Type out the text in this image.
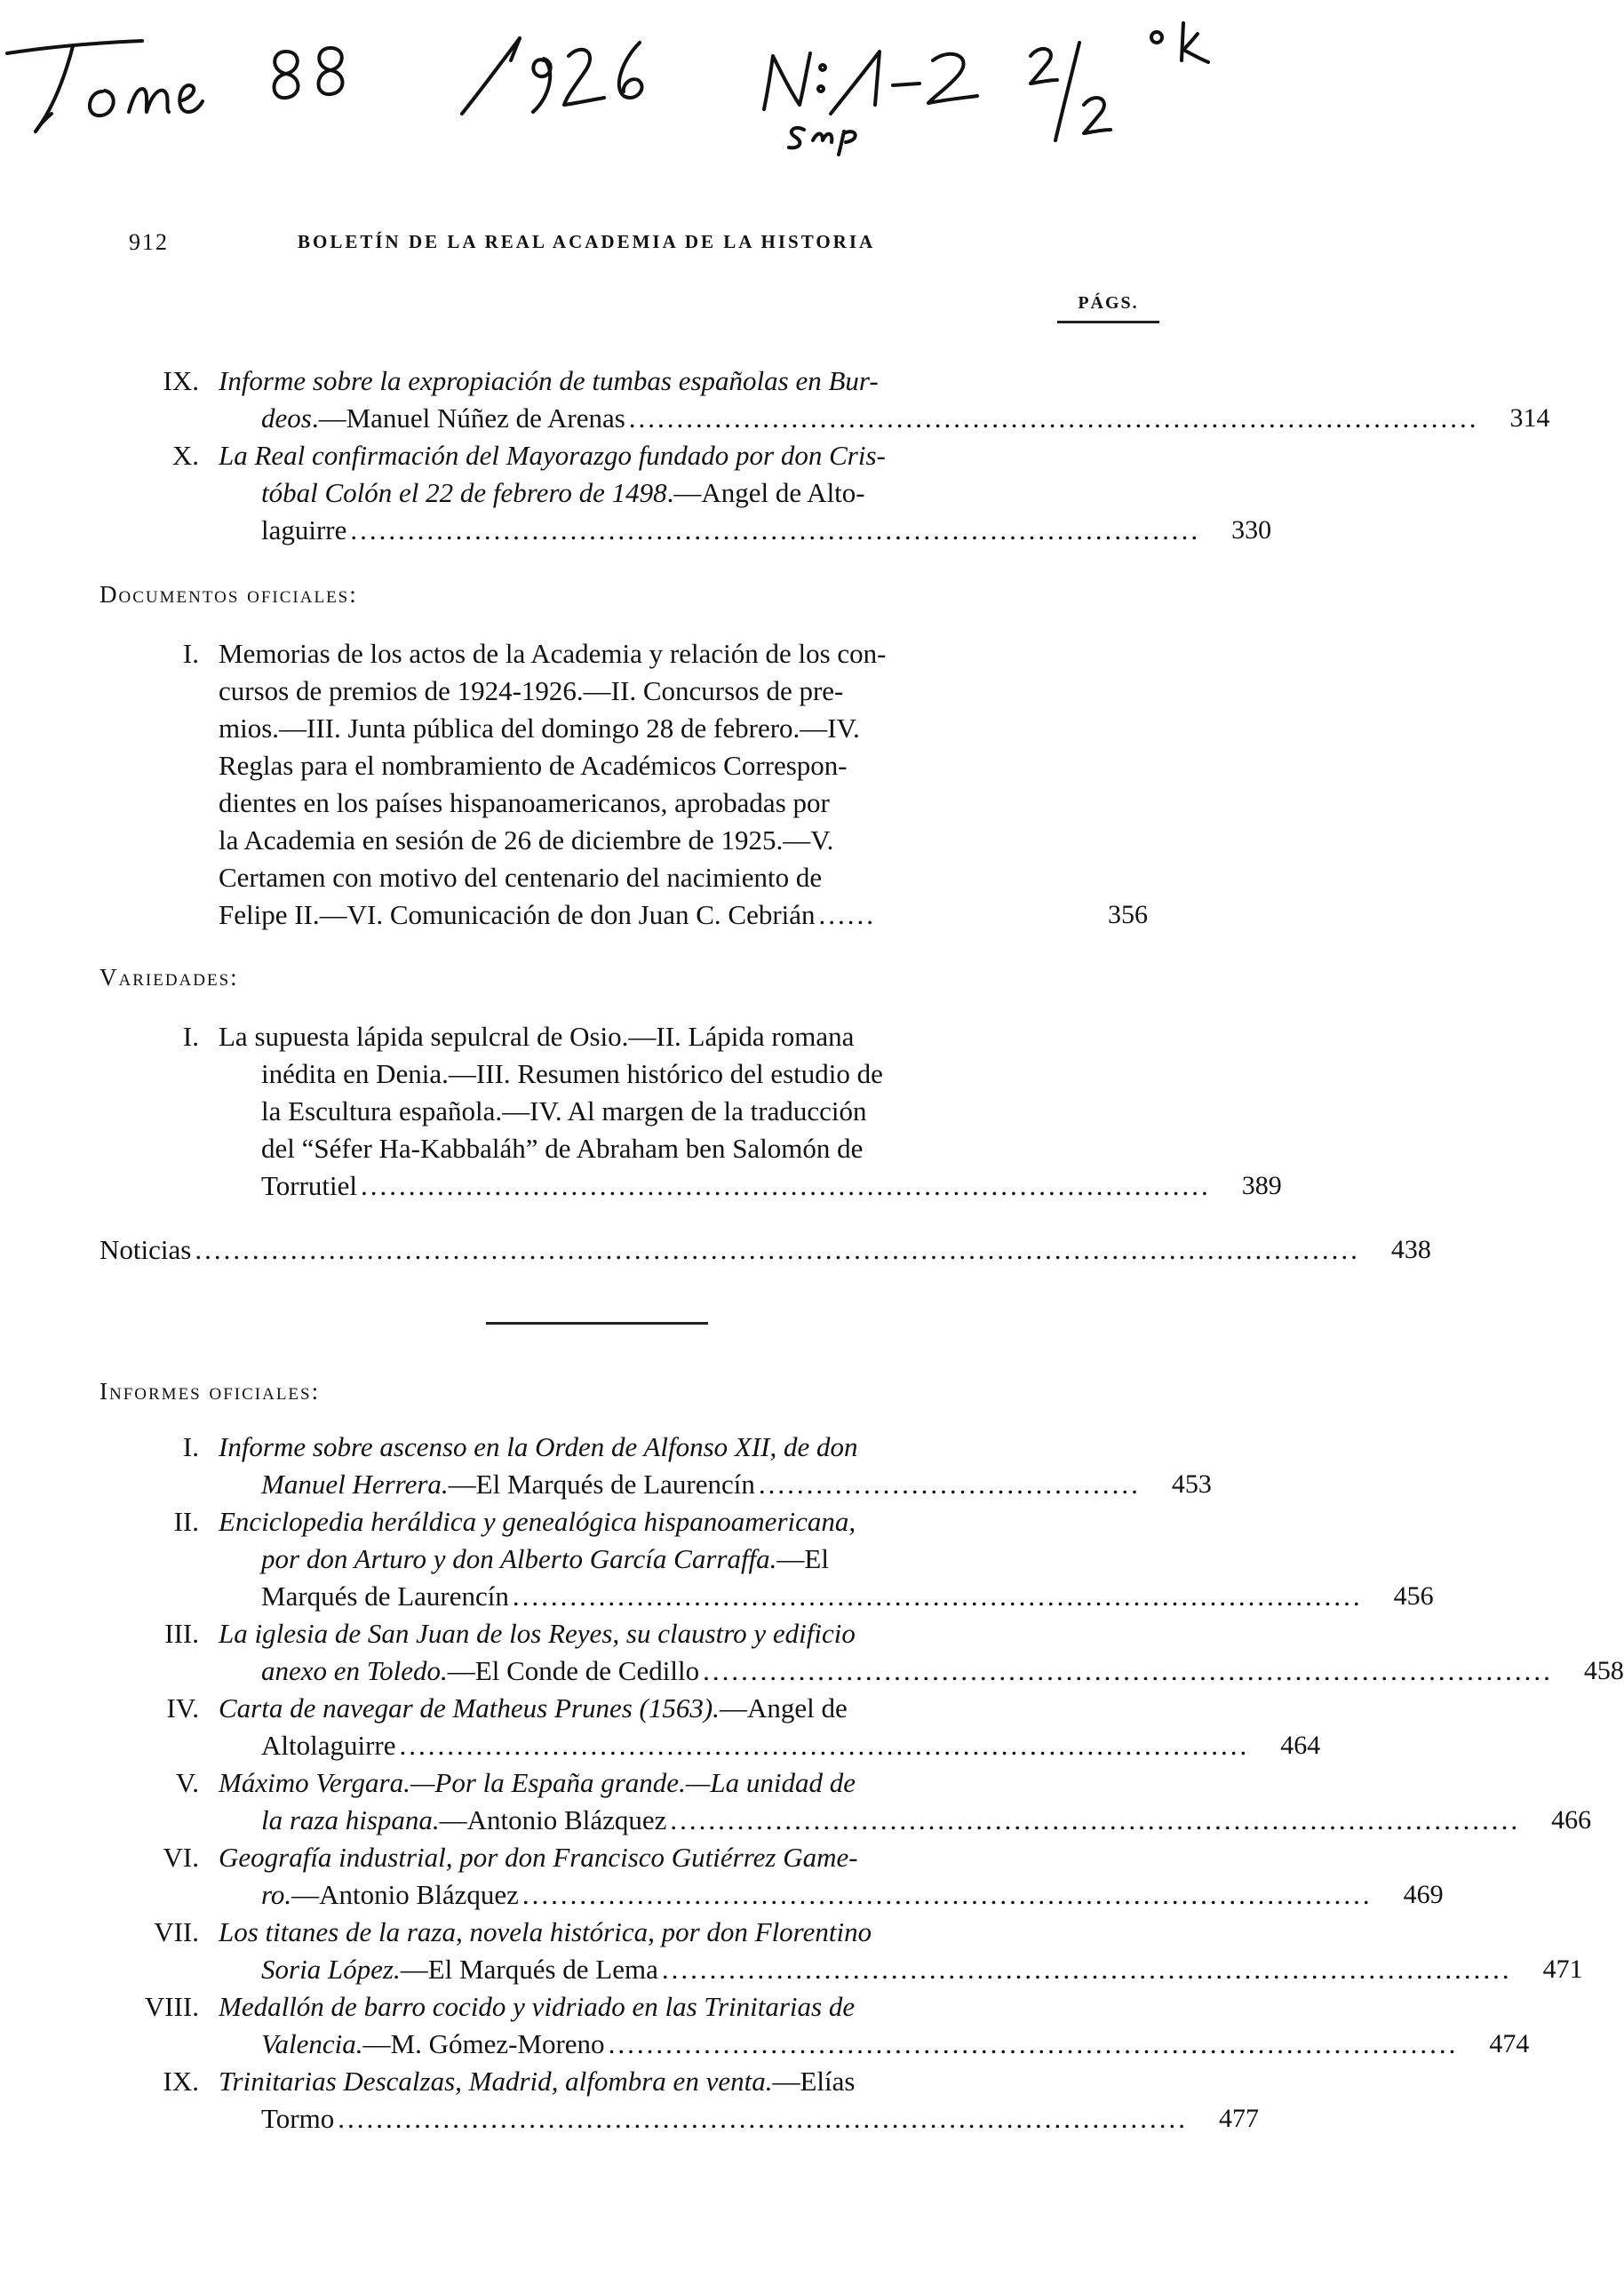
912	BOLETÍN DE LA REAL ACADEMIA DE LA HISTORIA
PÁGS.
IX. Informe sobre la expropiación de tumbas españolas en Bur-
deos.—Manuel Núñez de Arenas .........................................................................................	314
X. La Real confirmación del Mayorazgo fundado por don Cris-
tóbal Colón el 22 de febrero de 1498.—Angel de Alto-
laguirre .........................................................................................	330
Documentos oficiales:
I. Memorias de los actos de la Academia y relación de los con-
cursos de premios de 1924-1926.—II. Concursos de pre-
mios.—III. Junta pública del domingo 28 de febrero.—IV.
Reglas para el nombramiento de Académicos Correspon-
dientes en los países hispanoamericanos, aprobadas por
la Academia en sesión de 26 de diciembre de 1925.—V.
Certamen con motivo del centenario del nacimiento de
Felipe II.—VI. Comunicación de don Juan C. Cebrián ......	356
Variedades:
I. La supuesta lápida sepulcral de Osio.—II. Lápida romana
inédita en Denia.—III. Resumen histórico del estudio de
la Escultura española.—IV. Al margen de la traducción
del “Séfer Ha-Kabbaláh” de Abraham ben Salomón de
Torrutiel .........................................................................................	389
Noticias ..........................................................................................................................	438
Informes oficiales:
I. Informe sobre ascenso en la Orden de Alfonso XII, de don
Manuel Herrera.—El Marqués de Laurencín ........................................	453
II. Enciclopedia heráldica y genealógica hispanoamericana,
por don Arturo y don Alberto García Carraffa.—El
Marqués de Laurencín .........................................................................................	456
III. La iglesia de San Juan de los Reyes, su claustro y edificio
anexo en Toledo.—El Conde de Cedillo .........................................................................................	458
IV. Carta de navegar de Matheus Prunes (1563).—Angel de
Altolaguirre .........................................................................................	464
V. Máximo Vergara.—Por la España grande.—La unidad de
la raza hispana.—Antonio Blázquez .........................................................................................	466
VI. Geografía industrial, por don Francisco Gutiérrez Game-
ro.—Antonio Blázquez .........................................................................................	469
VII. Los titanes de la raza, novela histórica, por don Florentino
Soria López.—El Marqués de Lema .........................................................................................	471
VIII. Medallón de barro cocido y vidriado en las Trinitarias de
Valencia.—M. Gómez-Moreno .........................................................................................	474
IX. Trinitarias Descalzas, Madrid, alfombra en venta.—Elías
Tormo .........................................................................................	477
